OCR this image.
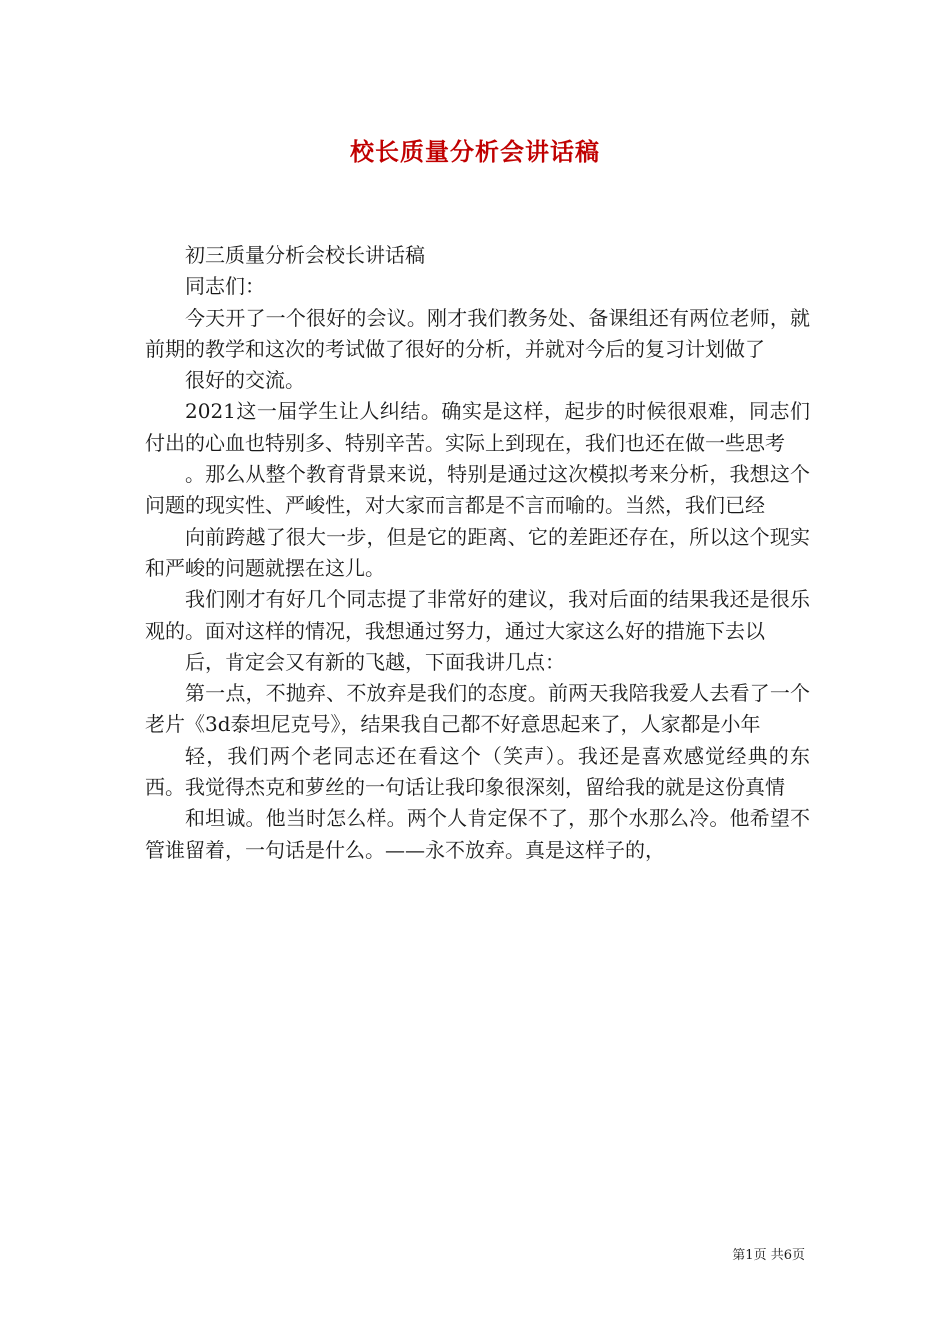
校长质量分析会讲话稿

初三质量分析会校长讲话稿

同志们：

今天开了一个很好的会议。刚才我们教务处、备课组还有两位老师，就前期的教学和这次的考试做了很好的分析，并就对今后的复习计划做了

很好的交流。

2021这一届学生让人纠结。确实是这样，起步的时候很艰难，同志们付出的心血也特别多、特别辛苦。实际上到现在，我们也还在做一些思考

。那么从整个教育背景来说，特别是通过这次模拟考来分析，我想这个问题的现实性、严峻性，对大家而言都是不言而喻的。当然，我们已经

向前跨越了很大一步，但是它的距离、它的差距还存在，所以这个现实和严峻的问题就摆在这儿。

我们刚才有好几个同志提了非常好的建议，我对后面的结果我还是很乐观的。面对这样的情况，我想通过努力，通过大家这么好的措施下去以

后，肯定会又有新的飞越，下面我讲几点：

第一点，不抛弃、不放弃是我们的态度。前两天我陪我爱人去看了一个老片《3d泰坦尼克号》，结果我自己都不好意思起来了，人家都是小年

轻，我们两个老同志还在看这个（笑声）。我还是喜欢感觉经典的东西。我觉得杰克和萝丝的一句话让我印象很深刻，留给我的就是这份真情

和坦诚。他当时怎么样。两个人肯定保不了，那个水那么冷。他希望不管谁留着，一句话是什么。——永不放弃。真是这样子的，

第1页 共6页
